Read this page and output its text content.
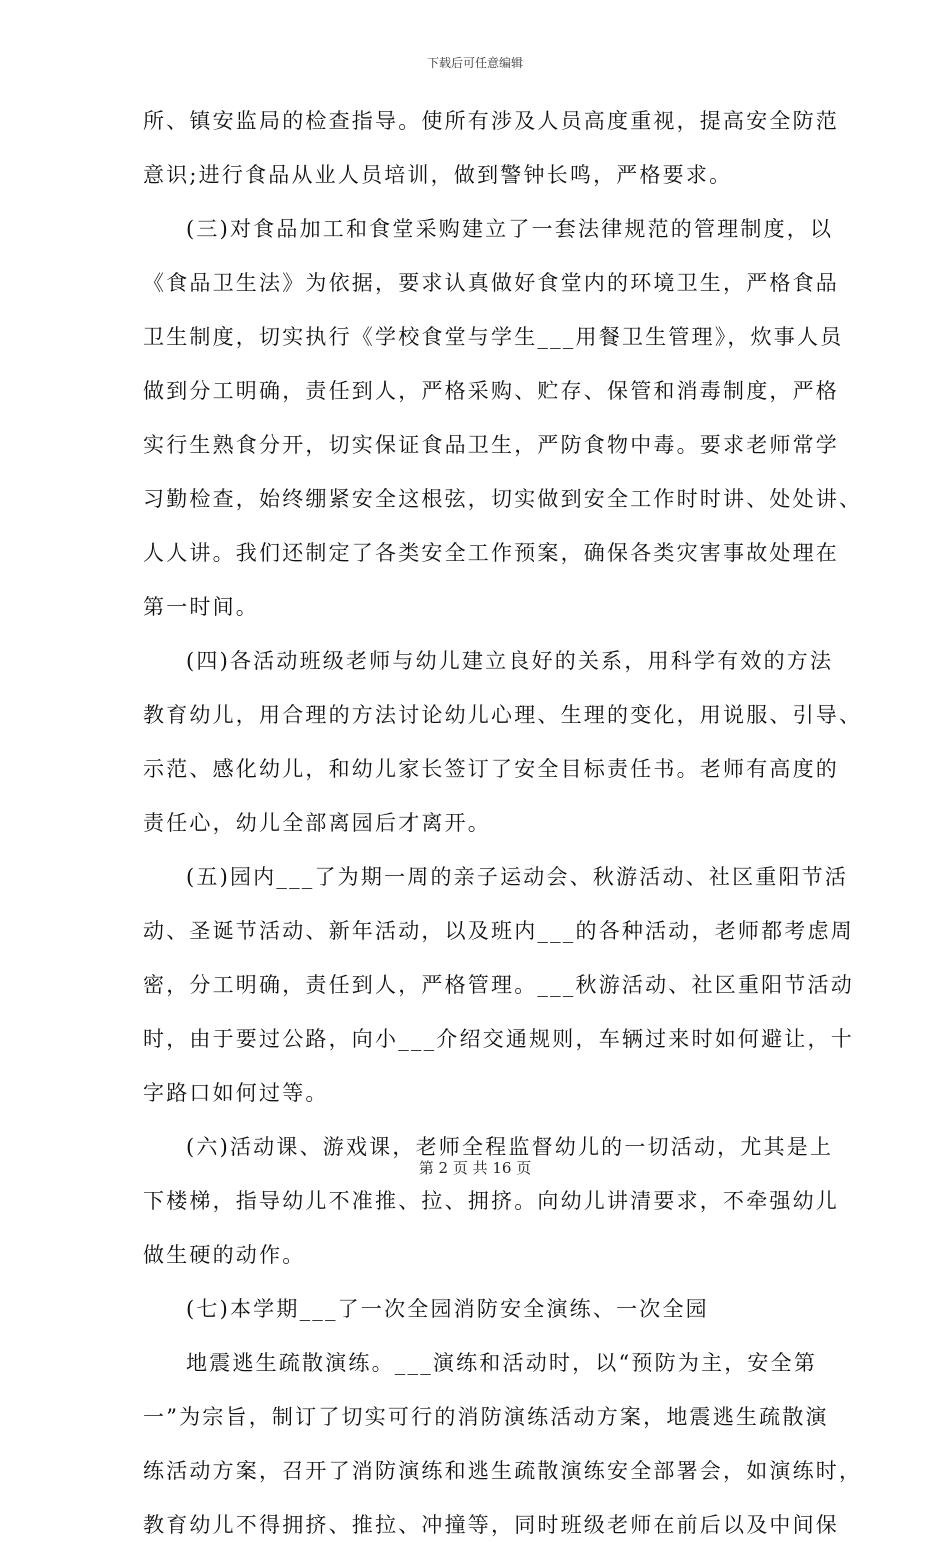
下载后可任意编辑
所、镇安监局的检查指导。使所有涉及人员高度重视，提高安全防范
意识;进行食品从业人员培训，做到警钟长鸣，严格要求。
(三)对食品加工和食堂采购建立了一套法律规范的管理制度，以
《食品卫生法》为依据，要求认真做好食堂内的环境卫生，严格食品
卫生制度，切实执行《学校食堂与学生___用餐卫生管理》，炊事人员
做到分工明确，责任到人，严格采购、贮存、保管和消毒制度，严格
实行生熟食分开，切实保证食品卫生，严防食物中毒。要求老师常学
习勤检查，始终绷紧安全这根弦，切实做到安全工作时时讲、处处讲、
人人讲。我们还制定了各类安全工作预案，确保各类灾害事故处理在
第一时间。
(四)各活动班级老师与幼儿建立良好的关系，用科学有效的方法
教育幼儿，用合理的方法讨论幼儿心理、生理的变化，用说服、引导、
示范、感化幼儿，和幼儿家长签订了安全目标责任书。老师有高度的
责任心，幼儿全部离园后才离开。
(五)园内___了为期一周的亲子运动会、秋游活动、社区重阳节活
动、圣诞节活动、新年活动，以及班内___的各种活动，老师都考虑周
密，分工明确，责任到人，严格管理。___秋游活动、社区重阳节活动
时，由于要过公路，向小___介绍交通规则，车辆过来时如何避让，十
字路口如何过等。
(六)活动课、游戏课，老师全程监督幼儿的一切活动，尤其是上
下楼梯，指导幼儿不准推、拉、拥挤。向幼儿讲清要求，不牵强幼儿
做生硬的动作。
(七)本学期___了一次全园消防安全演练、一次全园
地震逃生疏散演练。___演练和活动时，以“预防为主，安全第
一”为宗旨，制订了切实可行的消防演练活动方案，地震逃生疏散演
练活动方案，召开了消防演练和逃生疏散演练安全部署会，如演练时，
教育幼儿不得拥挤、推拉、冲撞等，同时班级老师在前后以及中间保
第 2 页 共 16 页
